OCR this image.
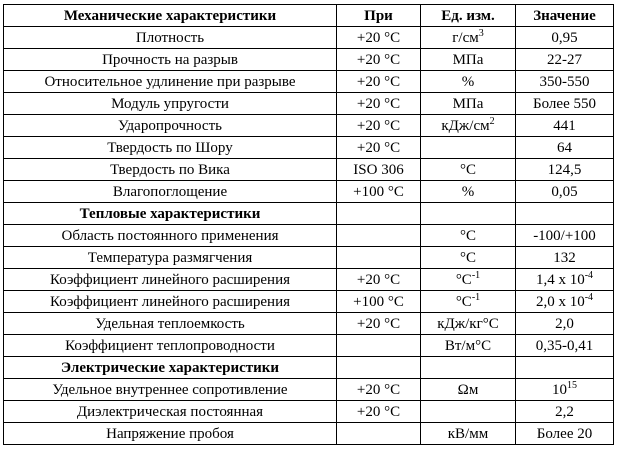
Механические характеристики	При	Ед. изм.	Значение
Плотность	+20 °C	$г/см^3$	0,95
Прочность на разрыв	+20 °C	МПа	22-27
Относительное удлинение при разрыве	+20 °C	%	350-550
Модуль упругости	+20 °C	МПа	Более 550
Ударопрочность	+20 °C	кДж/$см^2$	441
Твердость по Шору	+20 °C		64
Твердость по Вика	ISO 306	°C	124,5
Влагопоглощение	+100 °C	%	0,05
Тепловые характеристики			
Область постоянного применения		°C	-100/+100
Температура размягчения		°C	132
Коэффициент линейного расширения	+20 °C	$^\circ C^{-1}$	1,4 x $10^{-4}$
Коэффициент линейного расширения	+100 °C	$^\circ C^{-1}$	2,0 x $10^{-4}$
Удельная теплоемкость	+20 °C	кДж/кг°C	2,0
Коэффициент теплопроводности		Вт/м°C	0,35-0,41
Электрические характеристики			
Удельное внутреннее сопротивление	+20 °C	Ωм	$10^{15}$
Диэлектрическая постоянная	+20 °C		2,2
Напряжение пробоя		кВ/мм	Более 20
